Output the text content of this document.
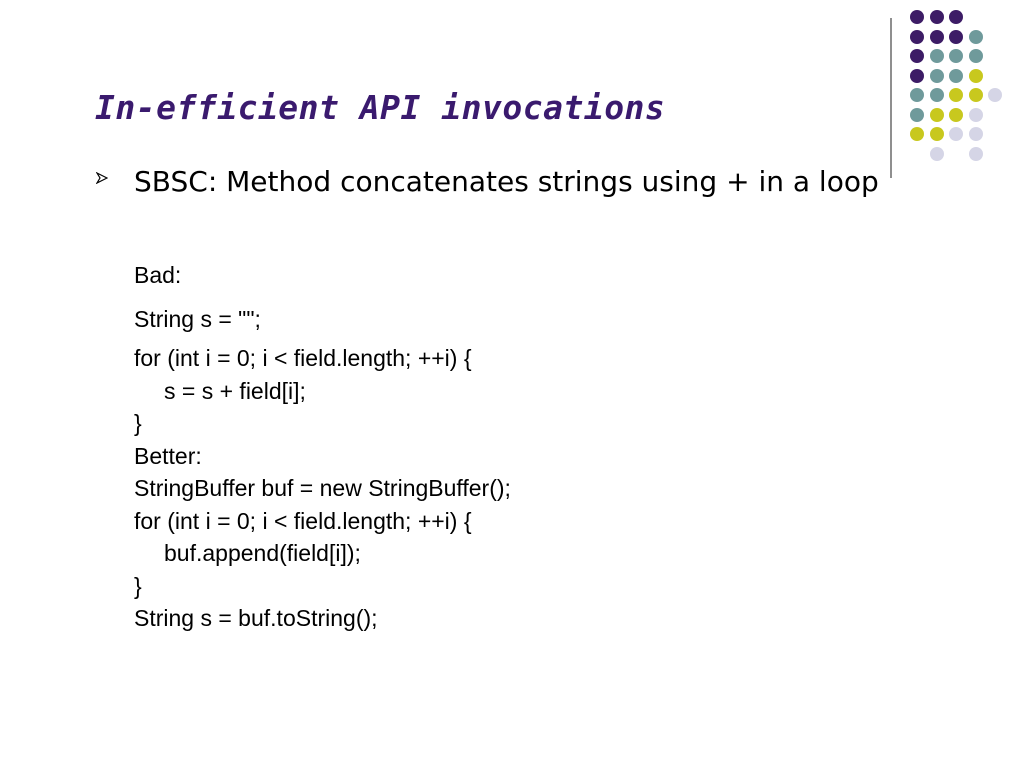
In-efficient API invocations
SBSC: Method concatenates strings using + in a loop
Bad:
String s = "";
for (int i = 0; i < field.length; ++i) {
s = s + field[i];
}
Better:
StringBuffer buf = new StringBuffer();
for (int i = 0; i < field.length; ++i) {
buf.append(field[i]);
}
String s = buf.toString();
